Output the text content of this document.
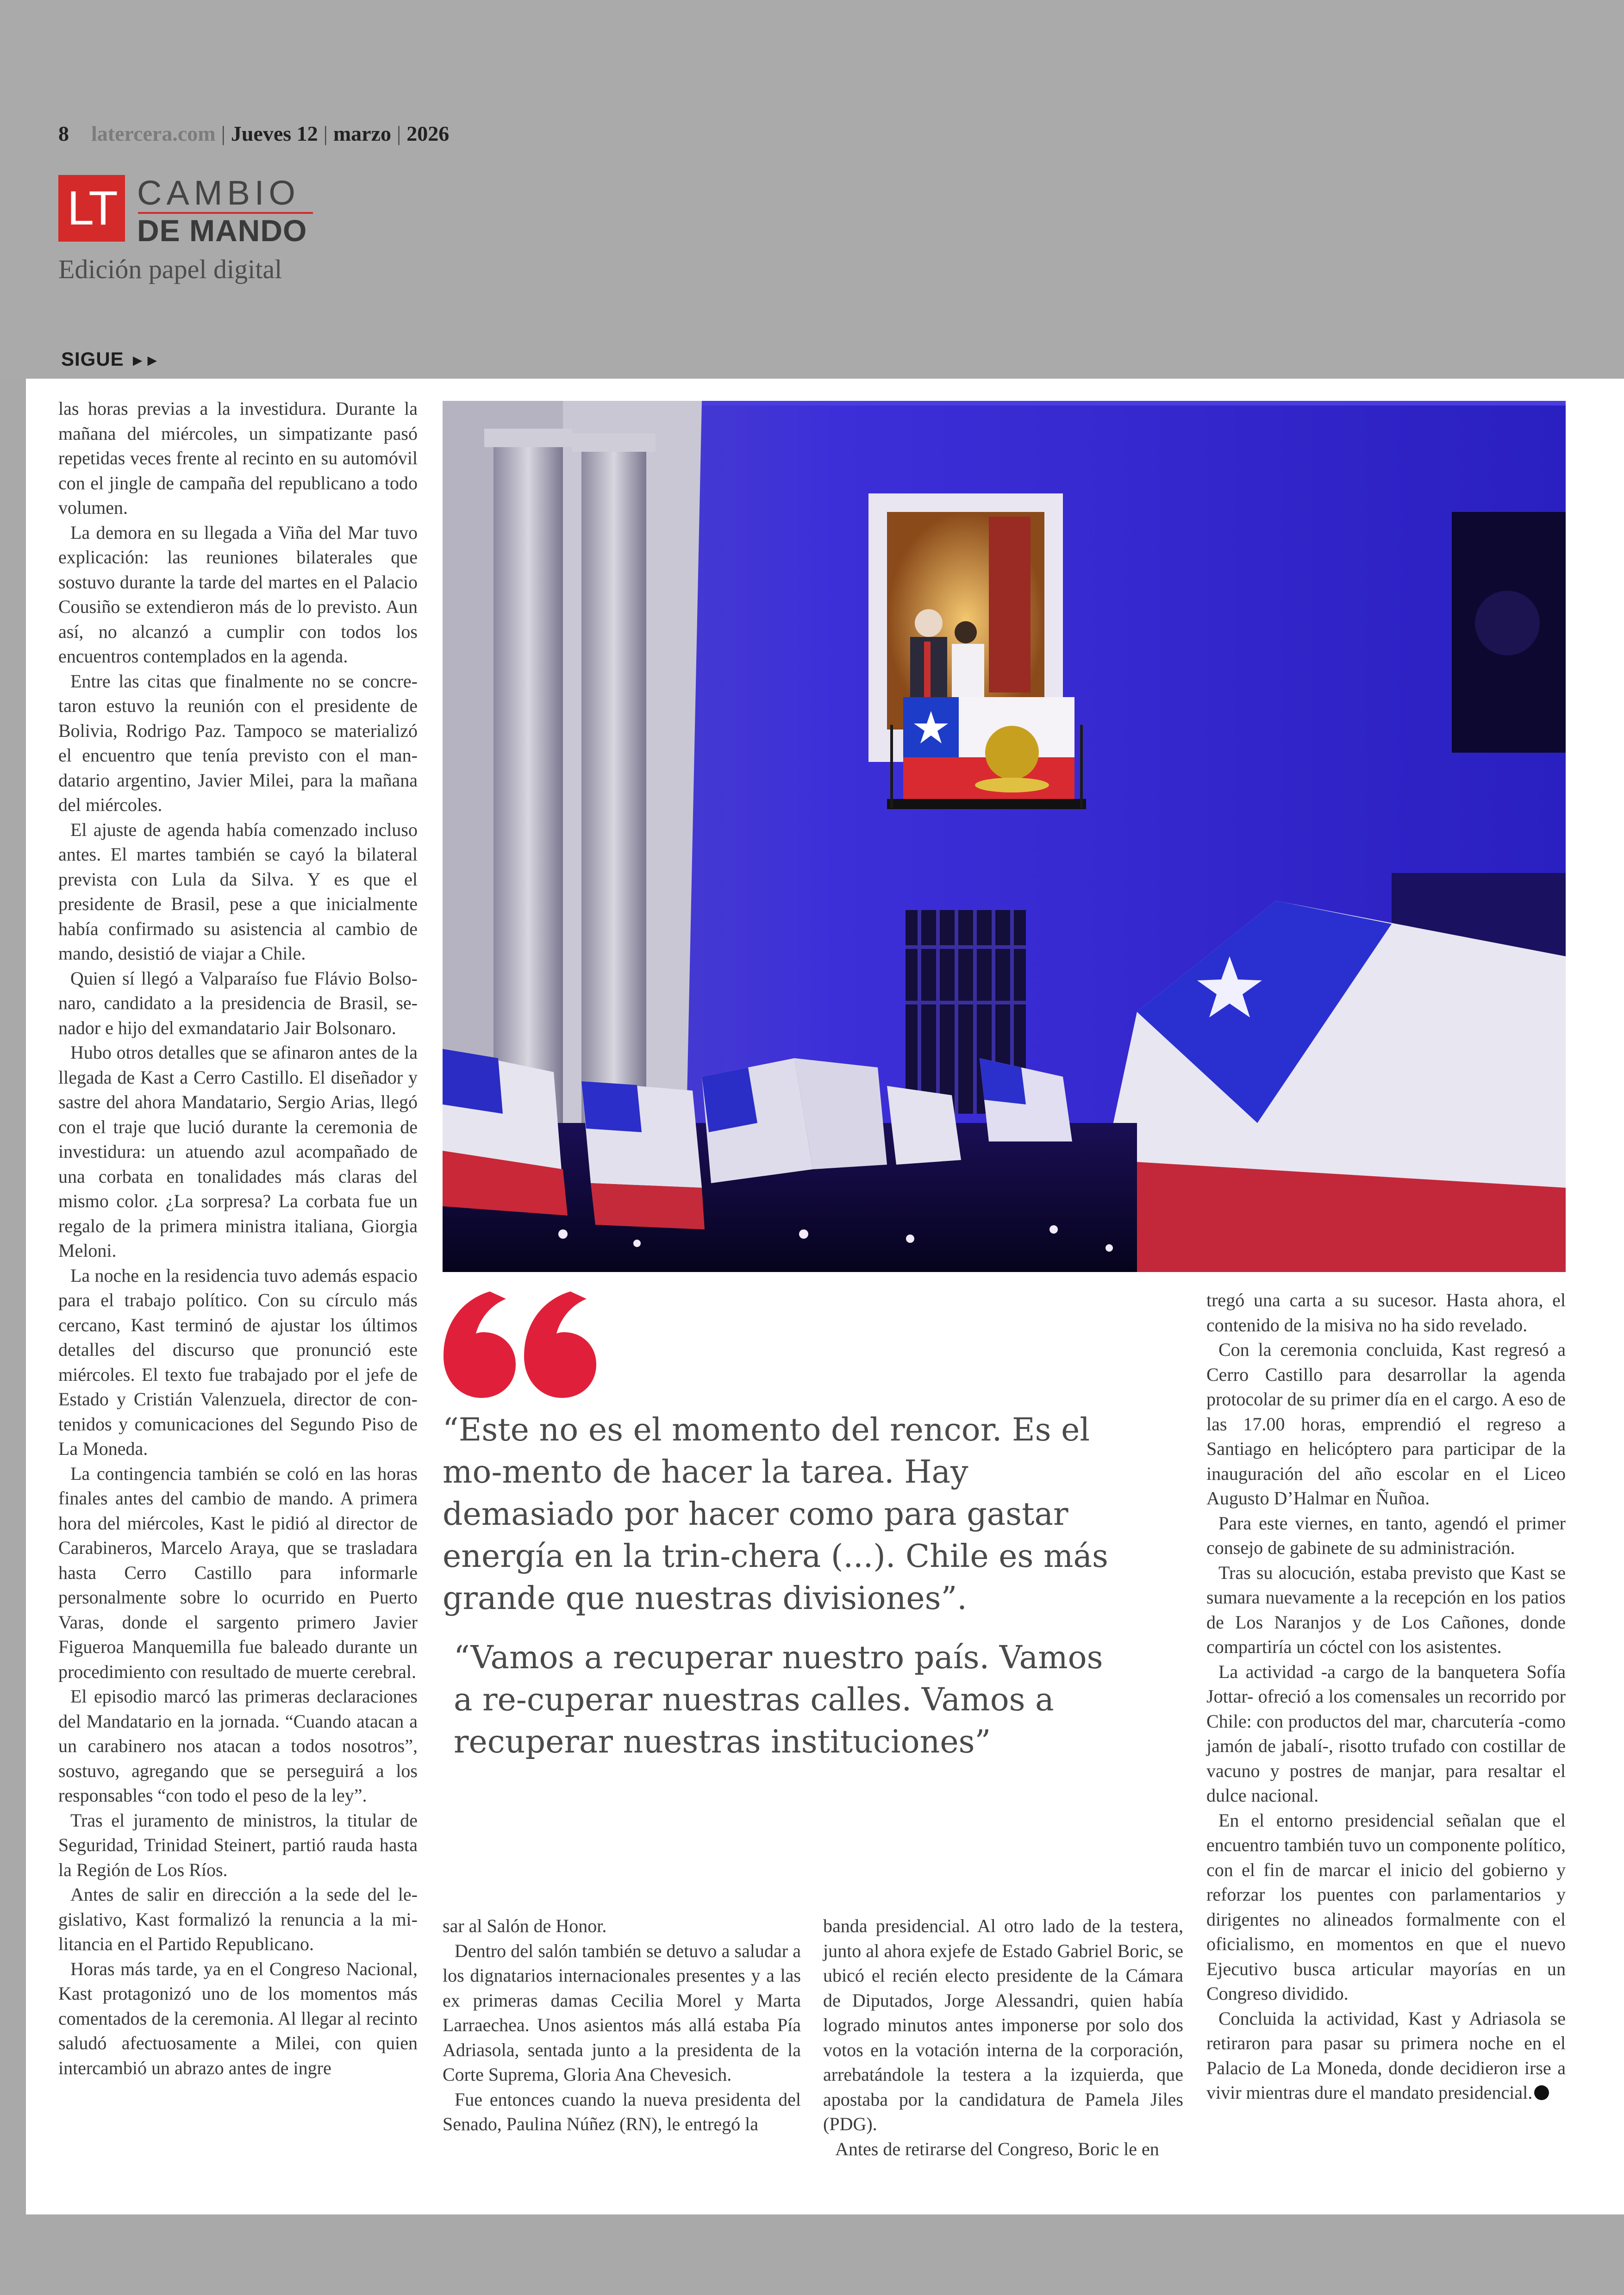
8 latercera.com | Jueves 12 | marzo | 2026
LT CAMBIO
DE MANDO
Edición papel digital
SIGUE ►►

las horas previas a la investidura. Durante la mañana del miércoles, un simpatizante pasó repetidas veces frente al recinto en su automóvil con el jingle de campaña del republicano a todo volumen.

La demora en su llegada a Viña del Mar tuvo explicación: las reuniones bilaterales que sostuvo durante la tarde del martes en el Palacio Cousiño se extendieron más de lo previsto. Aun así, no alcanzó a cumplir con todos los encuentros contemplados en la agenda.

Entre las citas que finalmente no se concretaron estuvo la reunión con el presidente de Bolivia, Rodrigo Paz. Tampoco se materializó el encuentro que tenía previsto con el mandatario argentino, Javier Milei, para la mañana del miércoles.

El ajuste de agenda había comenzado incluso antes. El martes también se cayó la bilateral prevista con Lula da Silva. Y es que el presidente de Brasil, pese a que inicialmente había confirmado su asistencia al cambio de mando, desistió de viajar a Chile.

Quien sí llegó a Valparaíso fue Flávio Bolsonaro, candidato a la presidencia de Brasil, senador e hijo del exmandatario Jair Bolsonaro.

Hubo otros detalles que se afinaron antes de la llegada de Kast a Cerro Castillo. El diseñador y sastre del ahora Mandatario, Sergio Arias, llegó con el traje que lució durante la ceremonia de investidura: un atuendo azul acompañado de una corbata en tonalidades más claras del mismo color. ¿La sorpresa? La corbata fue un regalo de la primera ministra italiana, Giorgia Meloni.

La noche en la residencia tuvo además espacio para el trabajo político. Con su círculo más cercano, Kast terminó de ajustar los últimos detalles del discurso que pronunció este miércoles. El texto fue trabajado por el jefe de Estado y Cristián Valenzuela, director de contenidos y comunicaciones del Segundo Piso de La Moneda.

La contingencia también se coló en las horas finales antes del cambio de mando. A primera hora del miércoles, Kast le pidió al director de Carabineros, Marcelo Araya, que se trasladara hasta Cerro Castillo para informarle personalmente sobre lo ocurrido en Puerto Varas, donde el sargento primero Javier Figueroa Manquemilla fue baleado durante un procedimiento con resultado de muerte cerebral.

El episodio marcó las primeras declaraciones del Mandatario en la jornada. “Cuando atacan a un carabinero nos atacan a todos nosotros”, sostuvo, agregando que se perseguirá a los responsables “con todo el peso de la ley”.

Tras el juramento de ministros, la titular de Seguridad, Trinidad Steinert, partió rauda hasta la Región de Los Ríos.

Antes de salir en dirección a la sede del legislativo, Kast formalizó la renuncia a la militancia en el Partido Republicano.

Horas más tarde, ya en el Congreso Nacional, Kast protagonizó uno de los momentos más comentados de la ceremonia. Al llegar al recinto saludó afectuosamente a Milei, con quien intercambió un abrazo antes de ingre

“Este no es el momento del rencor. Es el mo-mento de hacer la tarea. Hay demasiado por hacer como para gastar energía en la trin-chera (...). Chile es más grande que nuestras divisiones”.
“Vamos a recuperar nuestro país. Vamos a re-cuperar nuestras calles. Vamos a recuperar nuestras instituciones”

sar al Salón de Honor.

Dentro del salón también se detuvo a saludar a los dignatarios internacionales presentes y a las ex primeras damas Cecilia Morel y Marta Larraechea. Unos asientos más allá estaba Pía Adriasola, sentada junto a la presidenta de la Corte Suprema, Gloria Ana Chevesich.

Fue entonces cuando la nueva presidenta del Senado, Paulina Núñez (RN), le entregó la

banda presidencial. Al otro lado de la testera, junto al ahora exjefe de Estado Gabriel Boric, se ubicó el recién electo presidente de la Cámara de Diputados, Jorge Alessandri, quien había logrado minutos antes imponerse por solo dos votos en la votación interna de la corporación, arrebatándole la testera a la izquierda, que apostaba por la candidatura de Pamela Jiles (PDG).

Antes de retirarse del Congreso, Boric le en

tregó una carta a su sucesor. Hasta ahora, el contenido de la misiva no ha sido revelado.

Con la ceremonia concluida, Kast regresó a Cerro Castillo para desarrollar la agenda protocolar de su primer día en el cargo. A eso de las 17.00 horas, emprendió el regreso a Santiago en helicóptero para participar de la inauguración del año escolar en el Liceo Augusto D’Halmar en Ñuñoa.

Para este viernes, en tanto, agendó el primer consejo de gabinete de su administración.

Tras su alocución, estaba previsto que Kast se sumara nuevamente a la recepción en los patios de Los Naranjos y de Los Cañones, donde compartiría un cóctel con los asistentes.

La actividad -a cargo de la banquetera Sofía Jottar- ofreció a los comensales un recorrido por Chile: con productos del mar, charcutería -como jamón de jabalí-, risotto trufado con costillar de vacuno y postres de manjar, para resaltar el dulce nacional.

En el entorno presidencial señalan que el encuentro también tuvo un componente político, con el fin de marcar el inicio del gobierno y reforzar los puentes con parlamentarios y dirigentes no alineados formalmente con el oficialismo, en momentos en que el nuevo Ejecutivo busca articular mayorías en un Congreso dividido.

Concluida la actividad, Kast y Adriasola se retiraron para pasar su primera noche en el Palacio de La Moneda, donde decidieron irse a vivir mientras dure el mandato presidencial.
